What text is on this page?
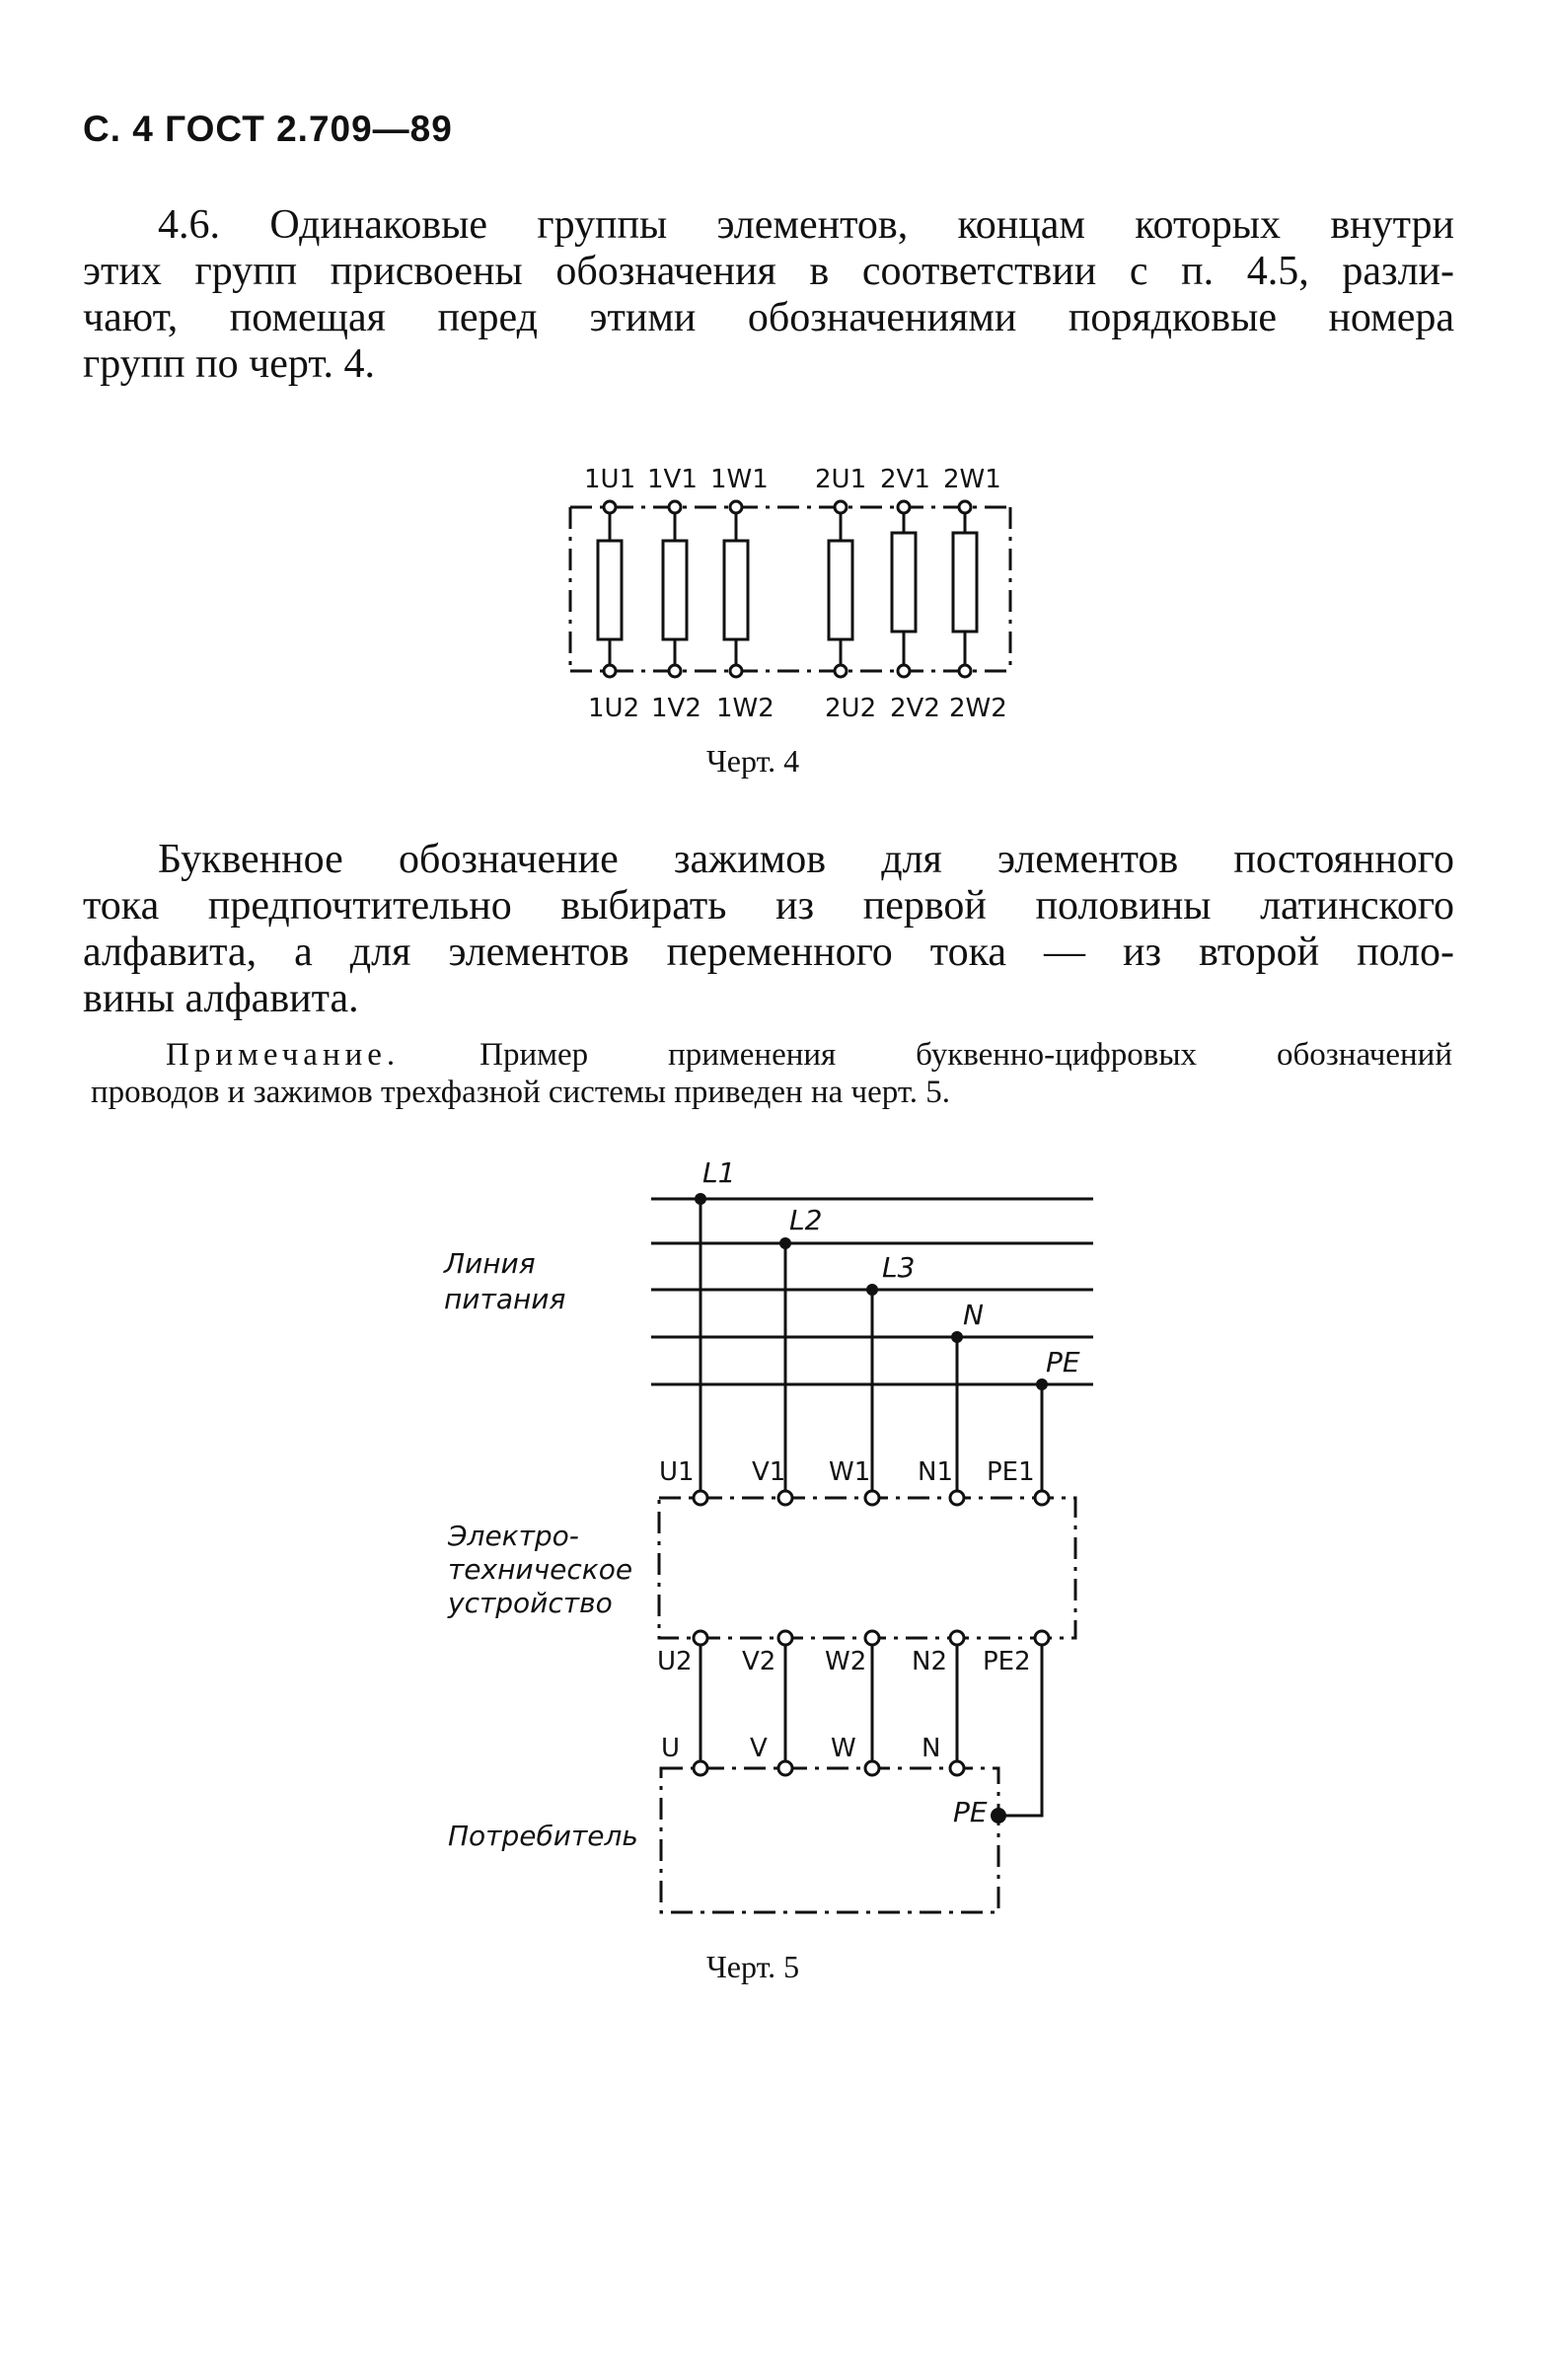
С. 4 ГОСТ 2.709—89
4.6. Одинаковые группы элементов, концам которых внутри
этих групп присвоены обозначения в соответствии с п. 4.5, разли-
чают, помещая перед этими обозначениями порядковые номера
групп по черт. 4.
Буквенное обозначение зажимов для элементов постоянного
тока предпочтительно выбирать из первой половины латинского
алфавита, а для элементов переменного тока — из второй поло-
вины алфавита.
Примечание. Пример применения буквенно-цифровых обозначений
проводов и зажимов трехфазной системы приведен на черт. 5.
1U1 1V1 1W1 2U1 2V1 2W1
1U2 1V2 1W2 2U2 2V2 2W2
Черт. 4
L1
L2
L3
N
PE
Линия
питания
U1 V1 W1 N1 PE1
Электро-
техническое
устройство
U2 V2 W2 N2 PE2
U	V W	N
PE
Потребитель
Черт. 5
